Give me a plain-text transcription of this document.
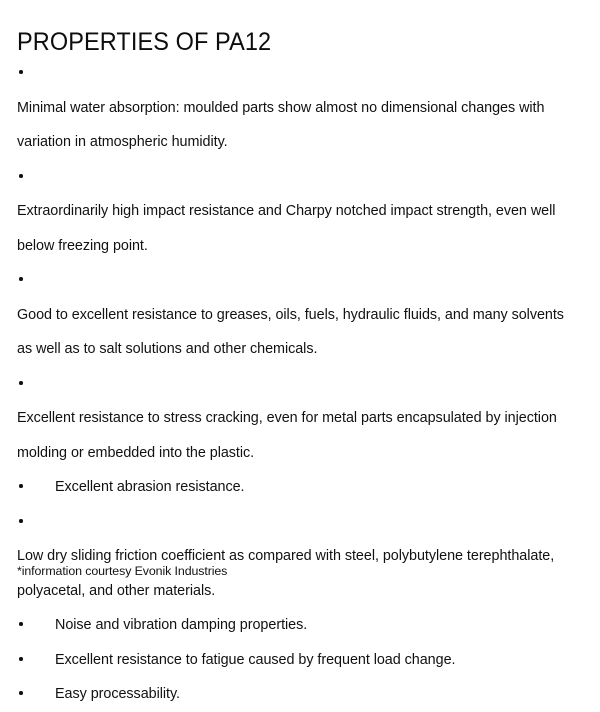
PROPERTIES OF PA12
Minimal water absorption: moulded parts show almost no dimensional changes with variation in atmospheric humidity.
Extraordinarily high impact resistance and Charpy notched impact strength, even well below freezing point.
Good to excellent resistance to greases, oils, fuels, hydraulic fluids, and many solvents as well as to salt solutions and other chemicals.
Excellent resistance to stress cracking, even for metal parts encapsulated by injection molding or embedded into the plastic.
Excellent abrasion resistance.
Low dry sliding friction coefficient as compared with steel, polybutylene terephthalate, polyacetal, and other materials.
Noise and vibration damping properties.
Excellent resistance to fatigue caused by frequent load change.
Easy processability.
*information courtesy Evonik Industries
